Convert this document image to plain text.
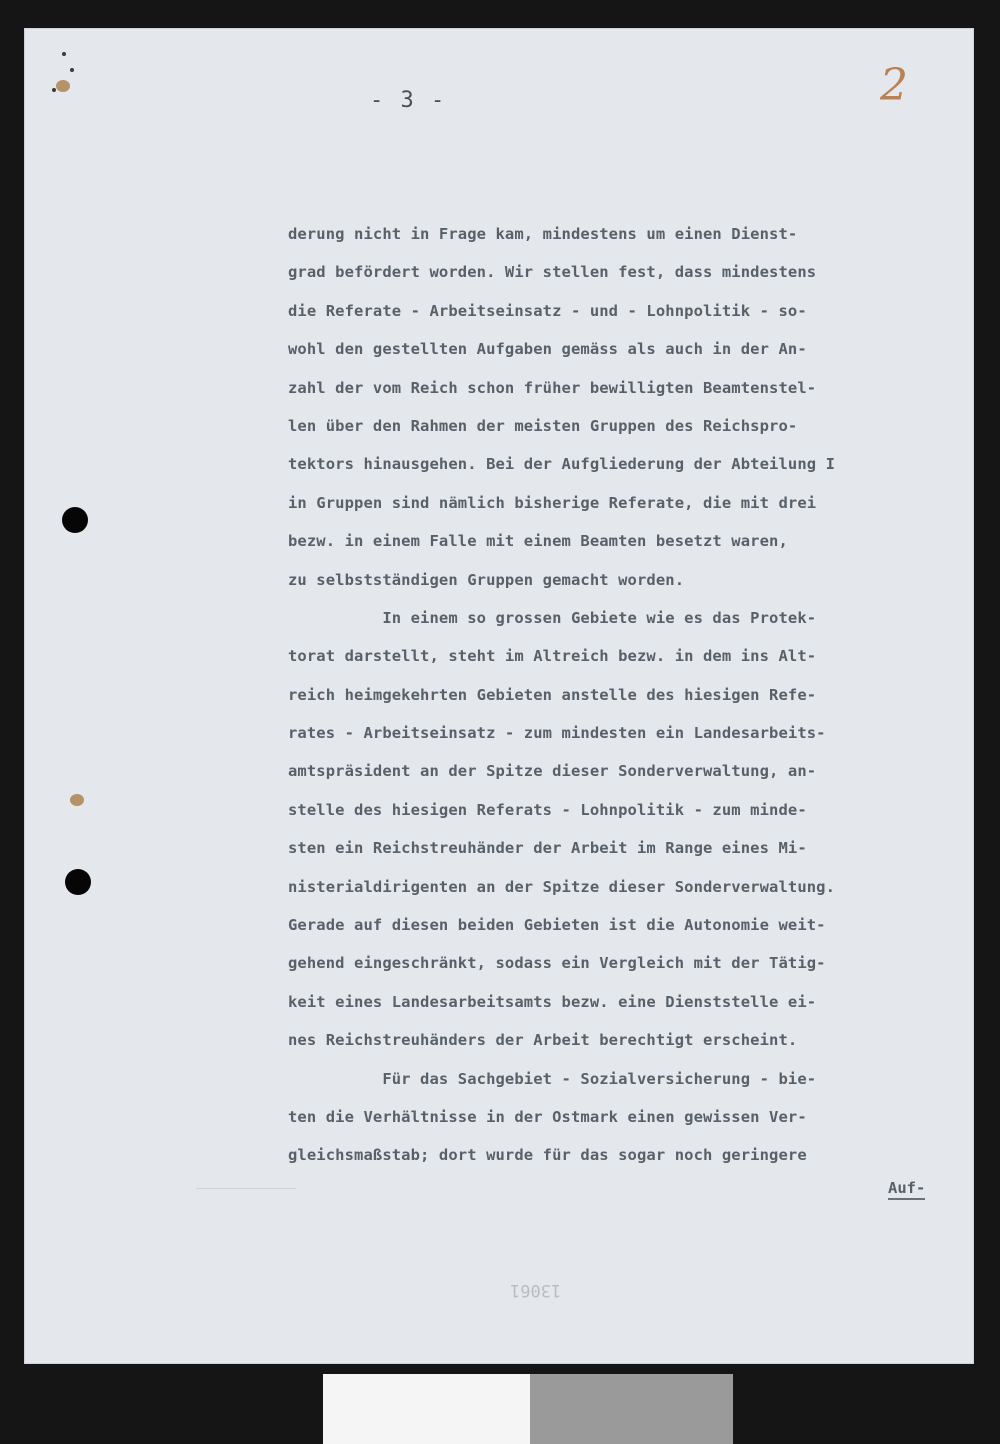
- 3 -	2
derung nicht in Frage kam, mindestens um einen Dienst-
grad befördert worden. Wir stellen fest, dass mindestens
die Referate - Arbeitseinsatz - und - Lohnpolitik - so-
wohl den gestellten Aufgaben gemäss als auch in der An-
zahl der vom Reich schon früher bewilligten Beamtenstel-
len über den Rahmen der meisten Gruppen des Reichspro-
tektors hinausgehen. Bei der Aufgliederung der Abteilung I
in Gruppen sind nämlich bisherige Referate, die mit drei
bezw. in einem Falle mit einem Beamten besetzt waren,
zu selbstständigen Gruppen gemacht worden.
In einem so grossen Gebiete wie es das Protek-
torat darstellt, steht im Altreich bezw. in dem ins Alt-
reich heimgekehrten Gebieten anstelle des hiesigen Refe-
rates - Arbeitseinsatz - zum mindesten ein Landesarbeits-
amtspräsident an der Spitze dieser Sonderverwaltung, an-
stelle des hiesigen Referats - Lohnpolitik - zum minde-
sten ein Reichstreuhänder der Arbeit im Range eines Mi-
nisterialdirigenten an der Spitze dieser Sonderverwaltung.
Gerade auf diesen beiden Gebieten ist die Autonomie weit-
gehend eingeschränkt, sodass ein Vergleich mit der Tätig-
keit eines Landesarbeitsamts bezw. eine Dienststelle ei-
nes Reichstreuhänders der Arbeit berechtigt erscheint.
Für das Sachgebiet - Sozialversicherung - bie-
ten die Verhältnisse in der Ostmark einen gewissen Ver-
gleichsmaßstab; dort wurde für das sogar noch geringere
Auf-
13061
